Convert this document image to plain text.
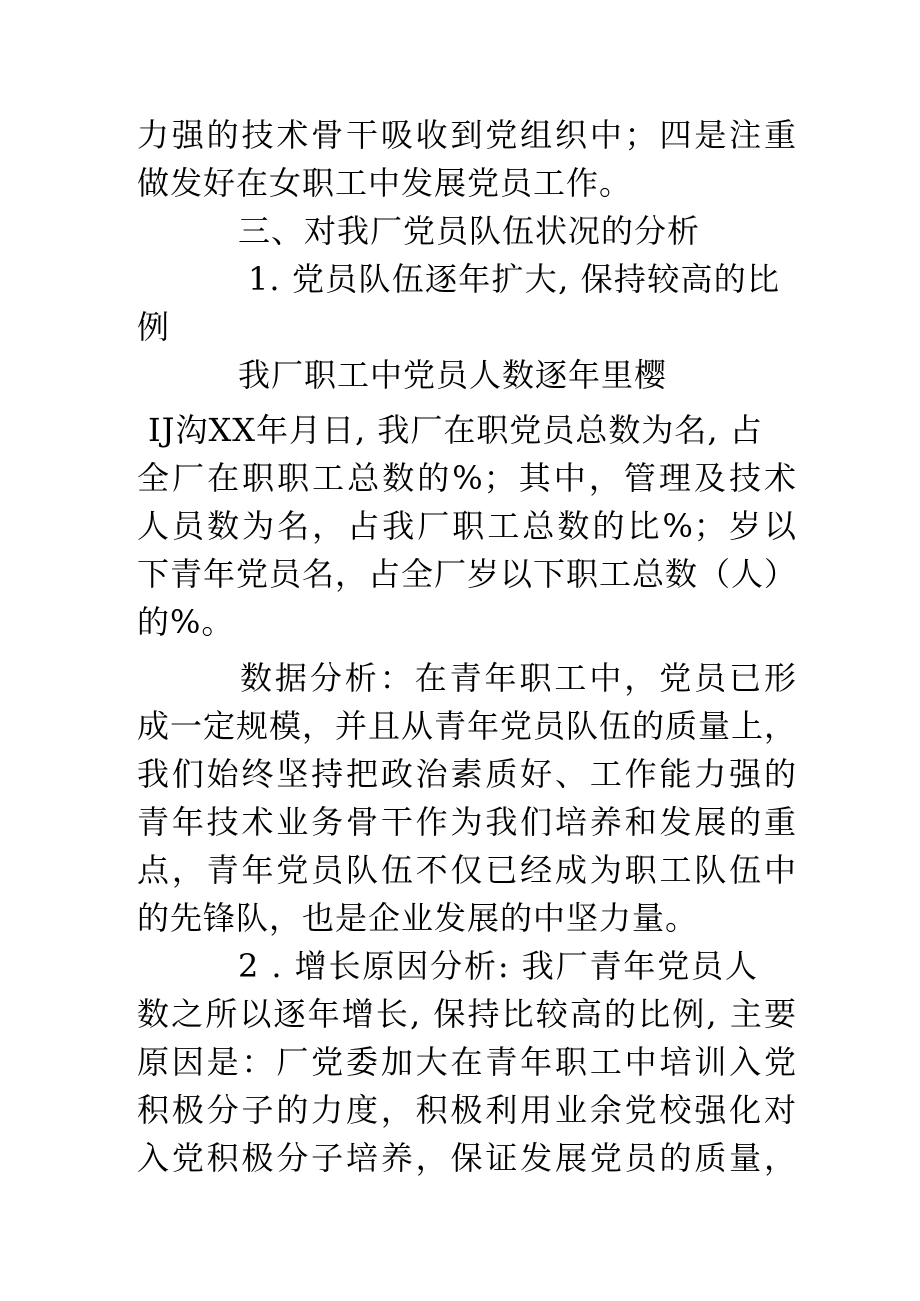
力强的技术骨干吸收到党组织中；四是注重
做发好在女职工中发展党员工作。
三、对我厂党员队伍状况的分析
1. 党员队伍逐年扩大, 保持较高的比
例
我厂职工中党员人数逐年里樱
IJ沟XX年月日, 我厂在职党员总数为名, 占
全厂在职职工总数的%；其中，管理及技术
人员数为名，占我厂职工总数的比%；岁以
下青年党员名，占全厂岁以下职工总数（人）
的%。
数据分析：在青年职工中，党员已形
成一定规模，并且从青年党员队伍的质量上，
我们始终坚持把政治素质好、工作能力强的
青年技术业务骨干作为我们培养和发展的重
点，青年党员队伍不仅已经成为职工队伍中
的先锋队，也是企业发展的中坚力量。
2 . 增长原因分析: 我厂青年党员人
数之所以逐年增长, 保持比较高的比例, 主要
原因是：厂党委加大在青年职工中培训入党
积极分子的力度，积极利用业余党校强化对
入党积极分子培养，保证发展党员的质量，
